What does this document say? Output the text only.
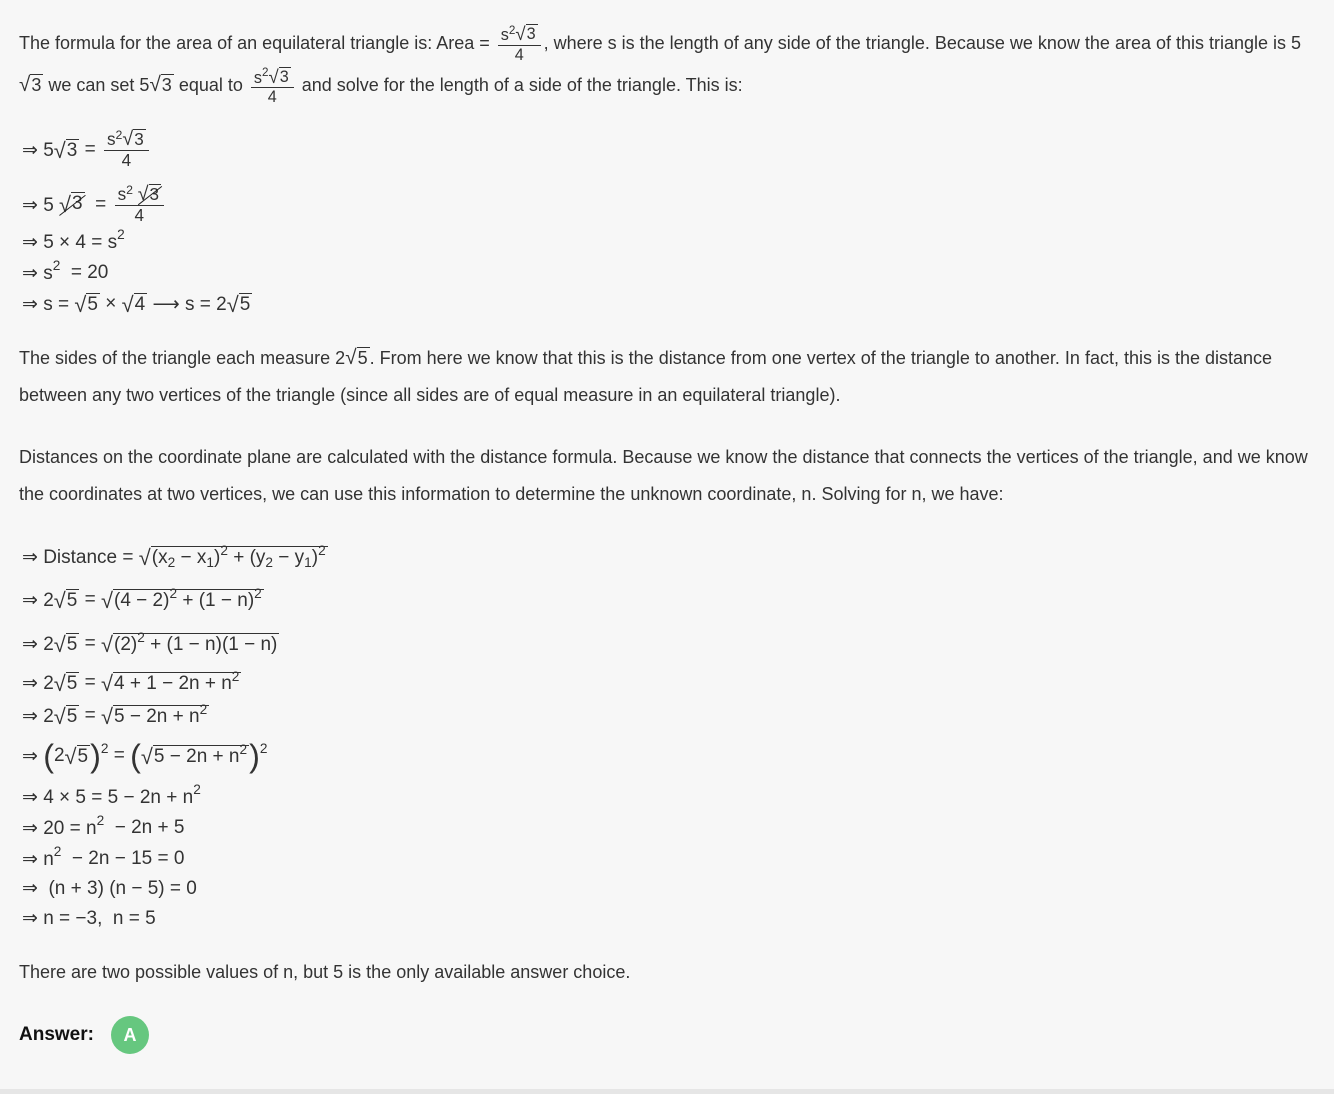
The formula for the area of an equilateral triangle is: Area = $\frac{s^2 √ 3}{4}$ , where s is the length of any side of the triangle. Because we know the area of this triangle is 5
√ 3 we can set 5 √ 3 equal to $\frac{s^2 √ 3}{4}$ and solve for the length of a side of the triangle. This is:
⇒ 5 √ $3 = \frac{s^2 √ 3}{4}$
⇒ 5 √ $3 = \frac{s^2 √ 3}{4}$
⇒ 5 × 4 = s 2
⇒ s 2 = 20
⇒ s = √ 5 × √ 4 ⟶ s = 2 √ 5
The sides of the triangle each measure 2 √ 5 . From here we know that this is the distance from one vertex of the triangle to another. In fact, this is the distance between any two vertices of the triangle (since all sides are of equal measure in an equilateral triangle).
Distances on the coordinate plane are calculated with the distance formula. Because we know the distance that connects the vertices of the triangle, and we know the coordinates at two vertices, we can use this information to determine the unknown coordinate, n. Solving for n, we have:
⇒ Distance = √ $(x_2 - x_1)^2 + (y_2 - y_1)^2$
⇒ 2 √ 5 = √ $(4 - 2)^2 + (1 - n)^2$
⇒ 2 √ 5 = √ $(2)^2 + (1 - n)(1 - n)$
⇒ 2 √ 5 = √ $4 + 1 - 2n + n^2$
⇒ 2 √ 5 = √ $5 - 2n + n^2$
⇒ ( 2 √ 5 ) 2 = ( √ $5 - 2n + n^2$ ) 2
⇒ 4 × 5 = 5 − 2n + n 2
⇒ 20 = n 2 − 2n + 5
⇒ n 2 − 2n − 15 = 0
⇒  (n + 3) (n − 5) = 0
⇒ n = −3,  n = 5
There are two possible values of n, but 5 is the only available answer choice.
Answer:	A
